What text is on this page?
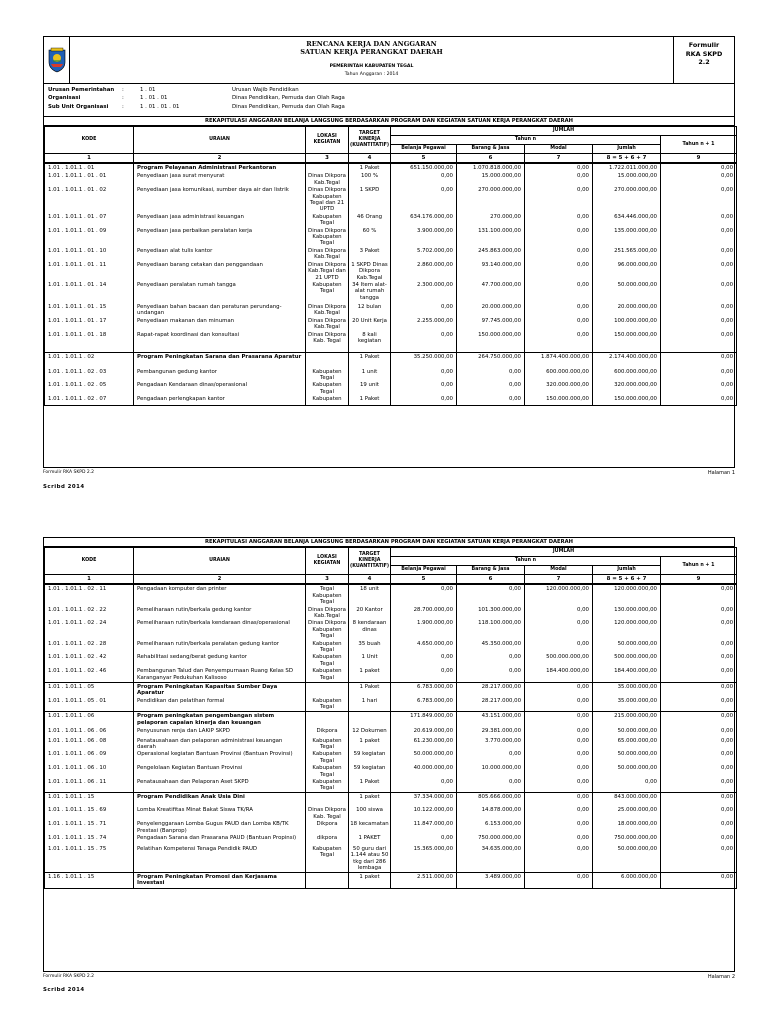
RENCANA KERJA DAN ANGGARAN
SATUAN KERJA PERANGKAT DAERAH
PEMERINTAH KABUPATEN TEGAL
Tahun Anggaran : 2014
Formulir
RKA SKPD
2.2
Urusan Pemerintahan	:	1 . 01	Urusan Wajib Pendidikan
Organisasi	:	1 . 01 . 01	Dinas Pendidikan, Pemuda dan Olah Raga
Sub Unit Organisasi	:	1 . 01 . 01 . 01	Dinas Pendidikan, Pemuda dan Olah Raga
REKAPITULASI ANGGARAN BELANJA LANGSUNG BERDASARKAN PROGRAM DAN KEGIATAN SATUAN KERJA PERANGKAT DAERAH
KODE	URAIAN	LOKASI KEGIATAN	TARGET KINERJA (KUANTITATIF)	JUMLAH				
				Tahun n				Tahun n + 1
				Belanja Pegawai	Barang & Jasa	Modal	Jumlah	
1	2	3	4	5	6	7	8 = 5 + 6 + 7	9
1.01 . 1.01.1 . 01	Program Pelayanan Administrasi Perkantoran		1 Paket	651.150.000,00	1.070.818.000,00	0,00	1.722.011.000,00	0,00
1.01 . 1.01.1 . 01 . 01	Penyediaan jasa surat menyurat	Dinas Dikpora Kab.Tegal	100 %	0,00	15.000.000,00	0,00	15.000.000,00	0,00
1.01 . 1.01.1 . 01 . 02	Penyediaan jasa komunikasi, sumber daya air dan listrik	Dinas Dikpora Kabupaten Tegal dan 21 UPTD	1 SKPD	0,00	270.000.000,00	0,00	270.000.000,00	0,00
1.01 . 1.01.1 . 01 . 07	Penyediaan jasa administrasi keuangan	Kabupaten Tegal	46 Orang	634.176.000,00	270.000,00	0,00	634.446.000,00	0,00
1.01 . 1.01.1 . 01 . 09	Penyediaan jasa perbaikan peralatan kerja	Dinas Dikpora Kabupaten Tegal	60 %	3.900.000,00	131.100.000,00	0,00	135.000.000,00	0,00
1.01 . 1.01.1 . 01 . 10	Penyediaan alat tulis kantor	Dinas Dikpora Kab.Tegal	3 Paket	5.702.000,00	245.863.000,00	0,00	251.565.000,00	0,00
1.01 . 1.01.1 . 01 . 11	Penyediaan barang cetakan dan penggandaan	Dinas Dikpora Kab.Tegal dan 21 UPTD	1 SKPD Dinas Dikpora Kab.Tegal	2.860.000,00	93.140.000,00	0,00	96.000.000,00	0,00
1.01 . 1.01.1 . 01 . 14	Penyediaan peralatan rumah tangga	Kabupaten Tegal	34 Item alat-alat rumah tangga	2.300.000,00	47.700.000,00	0,00	50.000.000,00	0,00
1.01 . 1.01.1 . 01 . 15	Penyediaan bahan bacaan dan peraturan perundang-undangan	Dinas Dikpora Kab.Tegal	12 bulan	0,00	20.000.000,00	0,00	20.000.000,00	0,00
1.01 . 1.01.1 . 01 . 17	Penyediaan makanan dan minuman	Dinas Dikpora Kab.Tegal	20 Unit Kerja	2.255.000,00	97.745.000,00	0,00	100.000.000,00	0,00
1.01 . 1.01.1 . 01 . 18	Rapat-rapat koordinasi dan konsultasi	Dinas Dikpora Kab. Tegal	8 kali kegiatan	0,00	150.000.000,00	0,00	150.000.000,00	0,00
1.01 . 1.01.1 . 02	Program Peningkatan Sarana dan Prasarana Aparatur		1 Paket	35.250.000,00	264.750.000,00	1.874.400.000,00	2.174.400.000,00	0,00
1.01 . 1.01.1 . 02 . 03	Pembangunan gedung kantor	Kabupaten Tegal	1 unit	0,00	0,00	600.000.000,00	600.000.000,00	0,00
1.01 . 1.01.1 . 02 . 05	Pengadaan Kendaraan dinas/operasional	Kabupaten Tegal	19 unit	0,00	0,00	320.000.000,00	320.000.000,00	0,00
1.01 . 1.01.1 . 02 . 07	Pengadaan perlengkapan kantor	Kabupaten	1 Paket	0,00	0,00	150.000.000,00	150.000.000,00	0,00
Formulir RKA SKPD 2.2	Halaman 1
Scribd 2014
REKAPITULASI ANGGARAN BELANJA LANGSUNG BERDASARKAN PROGRAM DAN KEGIATAN SATUAN KERJA PERANGKAT DAERAH
KODE	URAIAN	LOKASI KEGIATAN	TARGET KINERJA (KUANTITATIF)	JUMLAH				
				Tahun n				Tahun n + 1
				Belanja Pegawai	Barang & Jasa	Modal	Jumlah	
1	2	3	4	5	6	7	8 = 5 + 6 + 7	9
1.01 . 1.01.1 . 02 . 11	Pengadaan komputer dan printer	Tegal Kabupaten Tegal	18 unit	0,00	0,00	120.000.000,00	120.000.000,00	0,00
1.01 . 1.01.1 . 02 . 22	Pemeliharaan rutin/berkala gedung kantor	Dinas Dikpora Kab.Tegal	20 Kantor	28.700.000,00	101.300.000,00	0,00	130.000.000,00	0,00
1.01 . 1.01.1 . 02 . 24	Pemeliharaan rutin/berkala kendaraan dinas/operasional	Dinas Dikpora Kabupaten Tegal	8 kendaraan dinas	1.900.000,00	118.100.000,00	0,00	120.000.000,00	0,00
1.01 . 1.01.1 . 02 . 28	Pemeliharaan rutin/berkala peralatan gedung kantor	Kabupaten Tegal	35 buah	4.650.000,00	45.350.000,00	0,00	50.000.000,00	0,00
1.01 . 1.01.1 . 02 . 42	Rehabilitasi sedang/berat gedung kantor	Kabupaten Tegal	1 Unit	0,00	0,00	500.000.000,00	500.000.000,00	0,00
1.01 . 1.01.1 . 02 . 46	Pembangunan Talud dan Penyempurnaan Ruang Kelas SD Karanganyar Pedukuhan Kalisoso	Kabupaten Tegal	1 paket	0,00	0,00	184.400.000,00	184.400.000,00	0,00
1.01 . 1.01.1 . 05	Program Peningkatan Kapasitas Sumber Daya Aparatur		1 Paket	6.783.000,00	28.217.000,00	0,00	35.000.000,00	0,00
1.01 . 1.01.1 . 05 . 01	Pendidikan dan pelatihan formal	Kabupaten Tegal	1 hari	6.783.000,00	28.217.000,00	0,00	35.000.000,00	0,00
1.01 . 1.01.1 . 06	Program peningkatan pengembangan sistem pelaporan capaian kinerja dan keuangan			171.849.000,00	43.151.000,00	0,00	215.000.000,00	0,00
1.01 . 1.01.1 . 06 . 06	Penyusunan renja dan LAKIP SKPD	Dikpora	12 Dokumen	20.619.000,00	29.381.000,00	0,00	50.000.000,00	0,00
1.01 . 1.01.1 . 06 . 08	Penatausahaan dan pelaporan administrasi keuangan daerah	Kabupaten Tegal	1 paket	61.230.000,00	3.770.000,00	0,00	65.000.000,00	0,00
1.01 . 1.01.1 . 06 . 09	Operasional kegiatan Bantuan Provinsi (Bantuan Provinsi)	Kabupaten Tegal	59 kegiatan	50.000.000,00	0,00	0,00	50.000.000,00	0,00
1.01 . 1.01.1 . 06 . 10	Pengelolaan Kegiatan Bantuan Provinsi	Kabupaten Tegal	59 kegiatan	40.000.000,00	10.000.000,00	0,00	50.000.000,00	0,00
1.01 . 1.01.1 . 06 . 11	Penatausahaan dan Pelaporan Aset SKPD	Kabupaten Tegal	1 Paket	0,00	0,00	0,00	0,00	0,00
1.01 . 1.01.1 . 15	Program Pendidikan Anak Usia Dini		1 paket	37.334.000,00	805.666.000,00	0,00	843.000.000,00	0,00
1.01 . 1.01.1 . 15 . 69	Lomba Kreatifitas Minat Bakat Siswa TK/RA	Dinas Dikpora Kab. Tegal	100 siswa	10.122.000,00	14.878.000,00	0,00	25.000.000,00	0,00
1.01 . 1.01.1 . 15 . 71	Penyelenggaraan Lomba Gugus PAUD dan Lomba KB/TK Prestasi (Banprop)	Dikpora	18 kecamatan	11.847.000,00	6.153.000,00	0,00	18.000.000,00	0,00
1.01 . 1.01.1 . 15 . 74	Pengadaan Sarana dan Prasarana PAUD (Bantuan Propinsi)	dikpora	1 PAKET	0,00	750.000.000,00	0,00	750.000.000,00	0,00
1.01 . 1.01.1 . 15 . 75	Pelatihan Kompetensi Tenaga Pendidik PAUD	Kabupaten Tegal	50 guru dari 1.144 atau 50 tkg dari 286 lembaga	15.365.000,00	34.635.000,00	0,00	50.000.000,00	0,00
1.16 . 1.01.1 . 15	Program Peningkatan Promosi dan Kerjasama Investasi		1 paket	2.511.000,00	3.489.000,00	0,00	6.000.000,00	0,00
Formulir RKA SKPD 2.2	Halaman 2
Scribd 2014
